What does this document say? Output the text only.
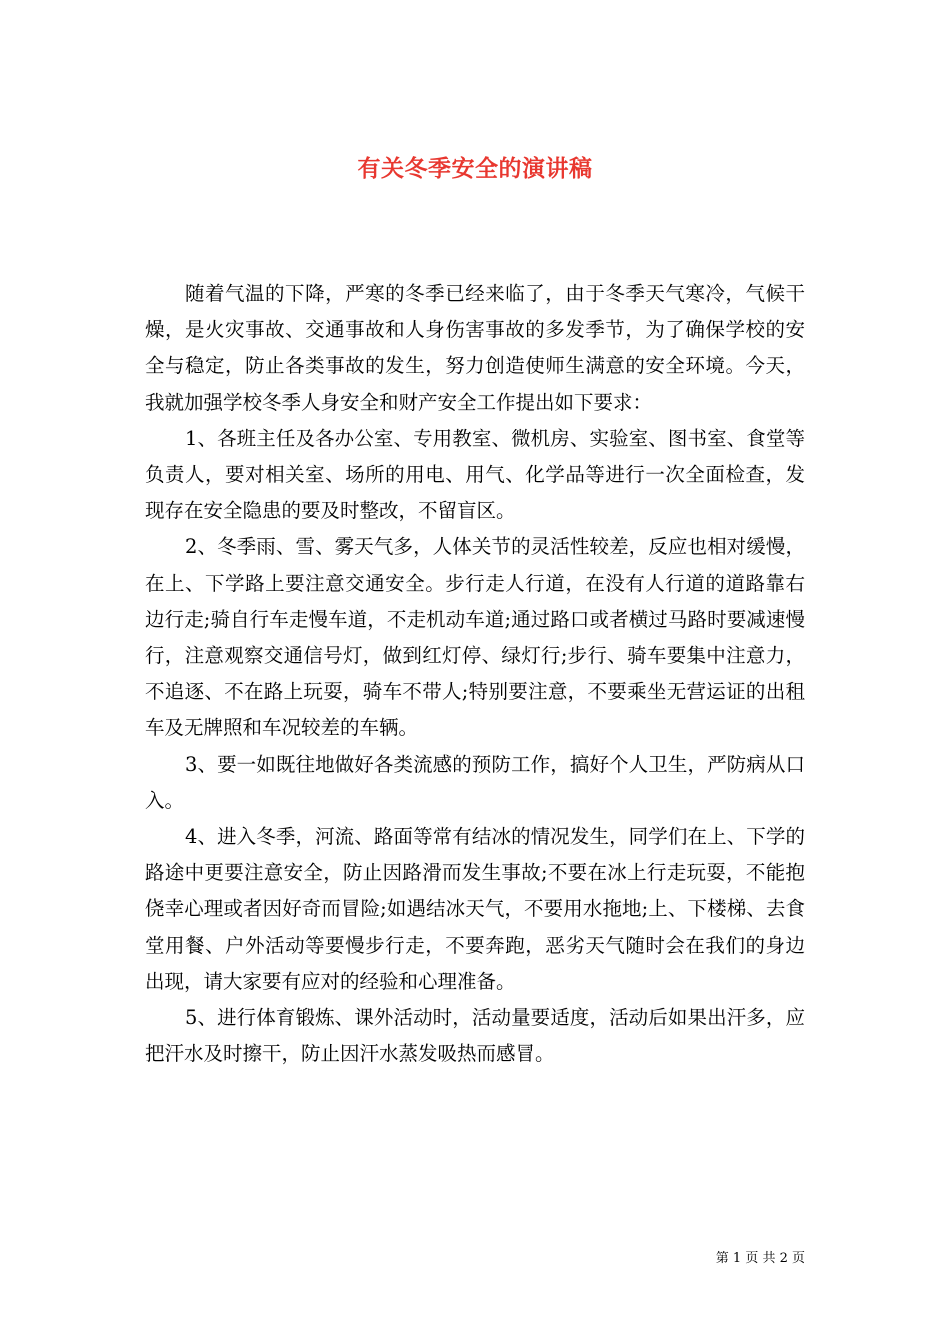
有关冬季安全的演讲稿

随着气温的下降，严寒的冬季已经来临了，由于冬季天气寒冷，气候干燥，是火灾事故、交通事故和人身伤害事故的多发季节，为了确保学校的安全与稳定，防止各类事故的发生，努力创造使师生满意的安全环境。今天，我就加强学校冬季人身安全和财产安全工作提出如下要求：

1、各班主任及各办公室、专用教室、微机房、实验室、图书室、食堂等负责人，要对相关室、场所的用电、用气、化学品等进行一次全面检查，发现存在安全隐患的要及时整改，不留盲区。

2、冬季雨、雪、雾天气多，人体关节的灵活性较差，反应也相对缓慢，在上、下学路上要注意交通安全。步行走人行道，在没有人行道的道路靠右边行走;骑自行车走慢车道，不走机动车道;通过路口或者横过马路时要减速慢行，注意观察交通信号灯，做到红灯停、绿灯行;步行、骑车要集中注意力，不追逐、不在路上玩耍，骑车不带人;特别要注意，不要乘坐无营运证的出租车及无牌照和车况较差的车辆。

3、要一如既往地做好各类流感的预防工作，搞好个人卫生，严防病从口入。

4、进入冬季，河流、路面等常有结冰的情况发生，同学们在上、下学的路途中更要注意安全，防止因路滑而发生事故;不要在冰上行走玩耍，不能抱侥幸心理或者因好奇而冒险;如遇结冰天气，不要用水拖地;上、下楼梯、去食堂用餐、户外活动等要慢步行走，不要奔跑，恶劣天气随时会在我们的身边出现，请大家要有应对的经验和心理准备。

5、进行体育锻炼、课外活动时，活动量要适度，活动后如果出汗多，应把汗水及时擦干，防止因汗水蒸发吸热而感冒。

第 1 页 共 2 页
